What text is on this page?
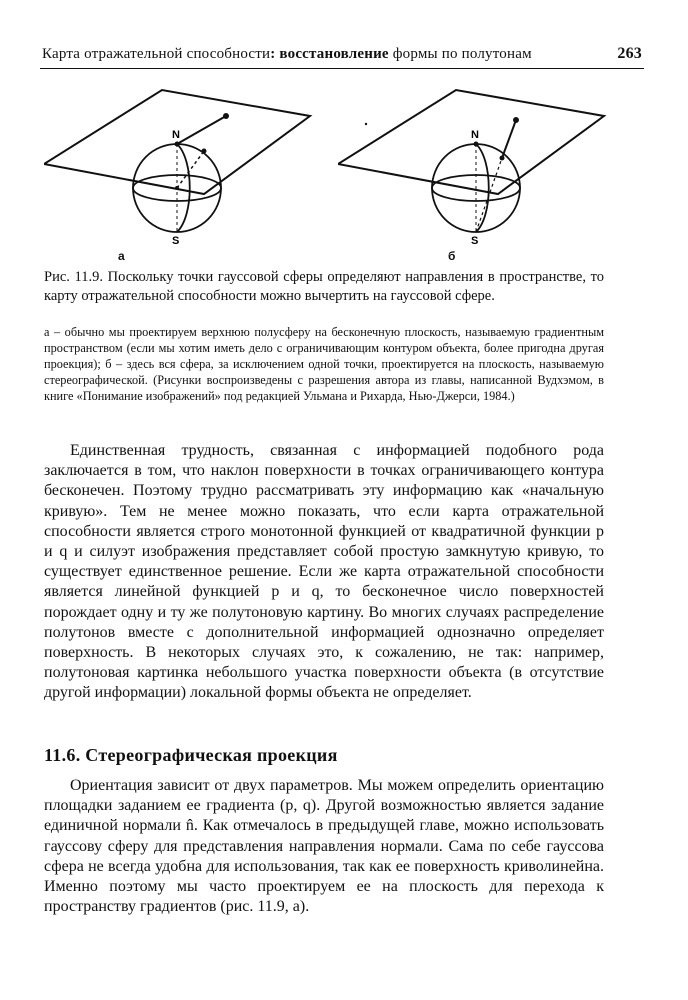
Карта отражательной способности: восстановление формы по полутонам	263
N
S
а
N
S
б
Рис. 11.9. Поскольку точки гауссовой сферы определяют направления в пространстве, то карту отражательной способности можно вычертить на гауссовой сфере.
а – обычно мы проектируем верхнюю полусферу на бесконечную плоскость, называемую градиентным пространством (если мы хотим иметь дело с ограничивающим контуром объекта, более пригодна другая проекция); б – здесь вся сфера, за исключением одной точки, проектируется на плоскость, называемую стереографической. (Рисунки воспроизведены с разрешения автора из главы, написанной Вудхэмом, в книге «Понимание изображений» под редакцией Ульмана и Рихарда, Нью-Джерси, 1984.)
Единственная трудность, связанная с информацией подобного рода заключается в том, что наклон поверхности в точках ограничивающего контура бесконечен. Поэтому трудно рассматривать эту информацию как «начальную кривую». Тем не менее можно показать, что если карта отражательной способности является строго монотонной функцией от квадратичной функции p и q и силуэт изображения представляет собой простую замкнутую кривую, то существует единственное решение. Если же карта отражательной способности является линейной функцией p и q, то бесконечное число поверхностей порождает одну и ту же полутоновую картину. Во многих случаях распределение полутонов вместе с дополнительной информацией однозначно определяет поверхность. В некоторых случаях это, к сожалению, не так: например, полутоновая картинка небольшого участка поверхности объекта (в отсутствие другой информации) локальной формы объекта не определяет.
11.6. Стереографическая проекция
Ориентация зависит от двух параметров. Мы можем определить ориентацию площадки заданием ее градиента (p, q). Другой возможностью является задание единичной нормали n̂. Как отмечалось в предыдущей главе, можно использовать гауссову сферу для представления направления нормали. Сама по себе гауссова сфера не всегда удобна для использования, так как ее поверхность криволинейна. Именно поэтому мы часто проектируем ее на плоскость для перехода к пространству градиентов (рис. 11.9, а).
